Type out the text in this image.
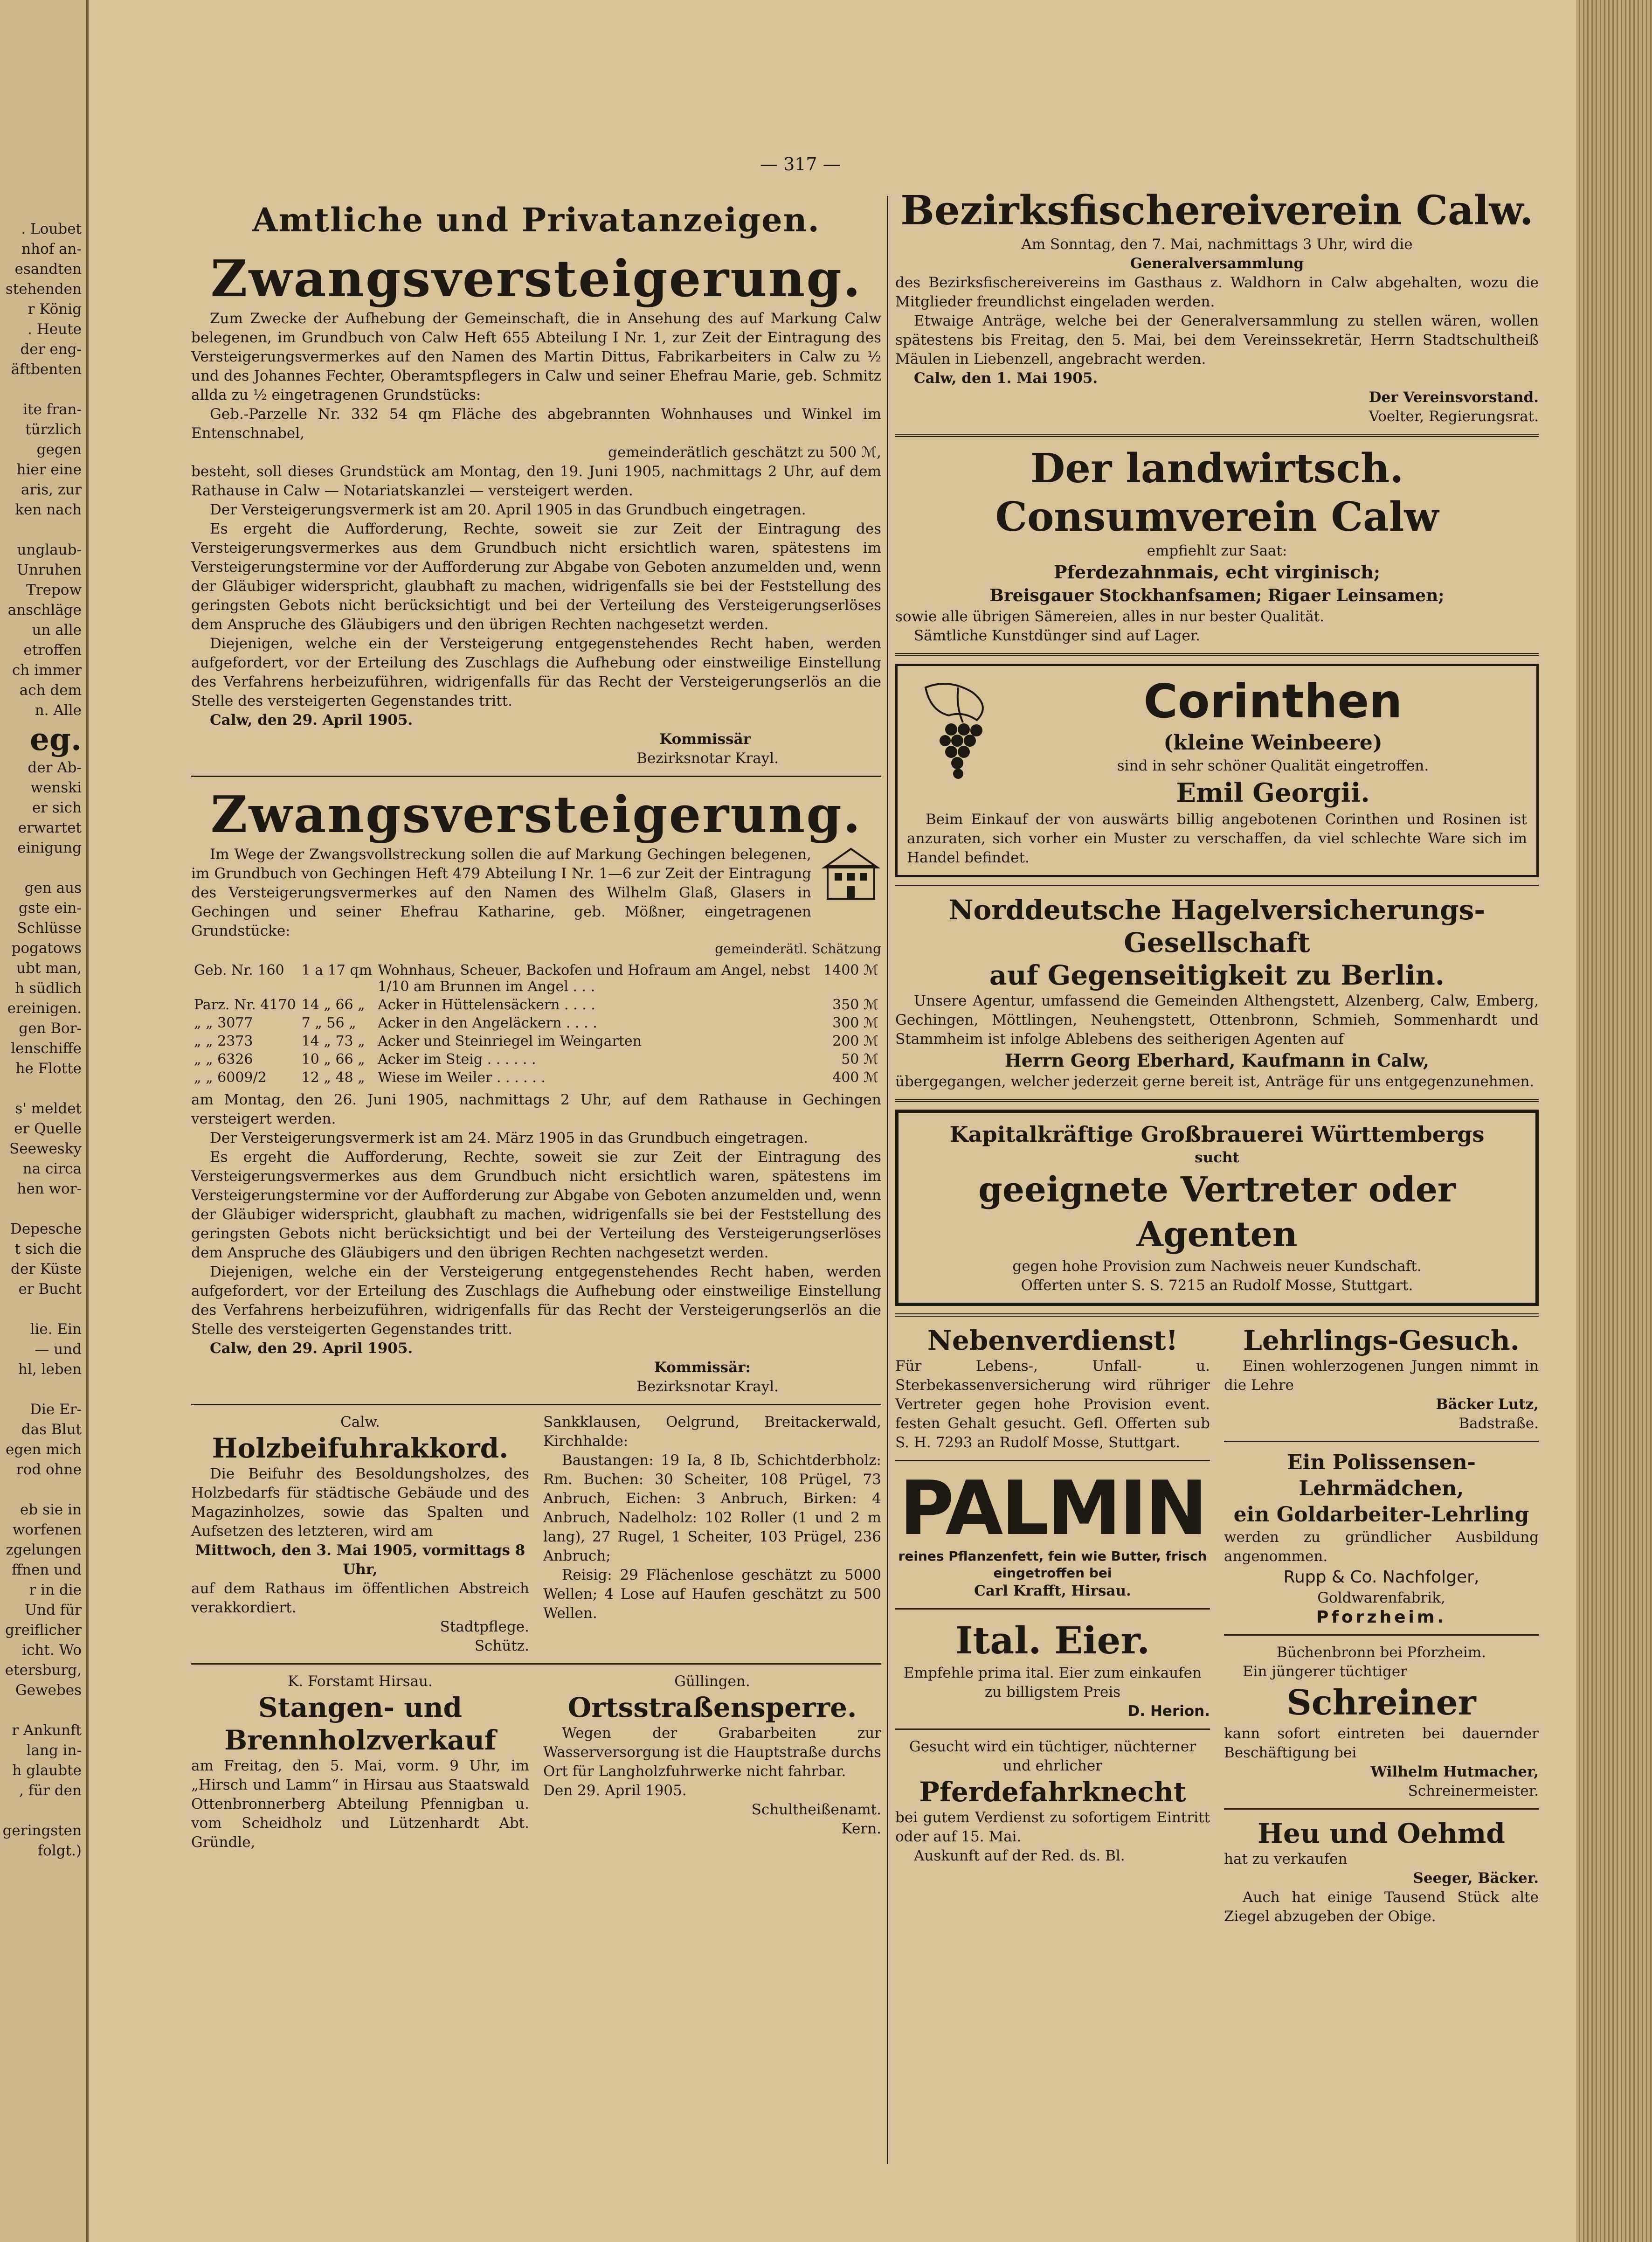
. Loubet
nhof an-
esandten
stehenden
r König
. Heute
der eng-
äftbenten

ite fran-
türzlich
gegen
hier eine
aris, zur
ken nach

unglaub-
Unruhen
Trepow
anschläge
un alle
etroffen
ch immer
ach dem
n. Alle
eg.
der Ab-
wenski
er sich
erwartet
einigung

gen aus
gste ein-
Schlüsse
pogatows
ubt man,
h südlich
ereinigen.
gen Bor-
lenschiffe
he Flotte

s' meldet
er Quelle
Seewesky
na circa
hen wor-

Depesche
t sich die
der Küste
er Bucht

lie. Ein
— und
hl, leben

Die Er-
das Blut
egen mich
rod ohne

eb sie in
worfenen
zgelungen
ffnen und
r in die
Und für
greiflicher
icht. Wo
etersburg,
Gewebes

r Ankunft
lang in-
h glaubte
, für den

geringsten
folgt.)
— 317 —
Amtliche und Privatanzeigen.
Zwangsversteigerung.

Zum Zwecke der Aufhebung der Gemeinschaft, die in Ansehung des auf Markung Calw belegenen, im Grundbuch von Calw Heft 655 Abteilung I Nr. 1, zur Zeit der Eintragung des Versteigerungsvermerkes auf den Namen des Martin Dittus, Fabrikarbeiters in Calw zu ½ und des Johannes Fechter, Oberamtspflegers in Calw und seiner Ehefrau Marie, geb. Schmitz allda zu ½ eingetragenen Grundstücks:

Geb.-Parzelle Nr. 332 54 qm Fläche des abgebrannten Wohnhauses und Winkel im Entenschnabel,

gemeinderätlich geschätzt zu 500 ℳ,

besteht, soll dieses Grundstück am Montag, den 19. Juni 1905, nachmittags 2 Uhr, auf dem Rathause in Calw — Notariatskanzlei — versteigert werden.

Der Versteigerungsvermerk ist am 20. April 1905 in das Grundbuch eingetragen.

Es ergeht die Aufforderung, Rechte, soweit sie zur Zeit der Eintragung des Versteigerungsvermerkes aus dem Grundbuch nicht ersichtlich waren, spätestens im Versteigerungstermine vor der Aufforderung zur Abgabe von Geboten anzumelden und, wenn der Gläubiger widerspricht, glaubhaft zu machen, widrigenfalls sie bei der Feststellung des geringsten Gebots nicht berücksichtigt und bei der Verteilung des Versteigerungserlöses dem Anspruche des Gläubigers und den übrigen Rechten nachgesetzt werden.

Diejenigen, welche ein der Versteigerung entgegenstehendes Recht haben, werden aufgefordert, vor der Erteilung des Zuschlags die Aufhebung oder einstweilige Einstellung des Verfahrens herbeizuführen, widrigenfalls für das Recht der Versteigerungserlös an die Stelle des versteigerten Gegenstandes tritt.

Calw, den 29. April 1905.

Kommissär

Bezirksnotar Krayl.

Zwangsversteigerung.

Im Wege der Zwangsvollstreckung sollen die auf Markung Gechingen belegenen, im Grundbuch von Gechingen Heft 479 Abteilung I Nr. 1—6 zur Zeit der Eintragung des Versteigerungsvermerkes auf den Namen des Wilhelm Glaß, Glasers in Gechingen und seiner Ehefrau Katharine, geb. Mößner, eingetragenen Grundstücke:

gemeinderätl. Schätzung

Geb. Nr. 160	1 a 17 qm	Wohnhaus, Scheuer, Backofen und Hofraum am Angel, nebst 1/10 am Brunnen im Angel . . .	1400 ℳ
Parz. Nr. 4170	14 „ 66 „	Acker in Hüttelensäckern . . . .	350 ℳ
„ „ 3077	7 „ 56 „	Acker in den Angeläckern . . . .	300 ℳ
„ „ 2373	14 „ 73 „	Acker und Steinriegel im Weingarten	200 ℳ
„ „ 6326	10 „ 66 „	Acker im Steig . . . . . .	50 ℳ
„ „ 6009/2	12 „ 48 „	Wiese im Weiler . . . . . .	400 ℳ

am Montag, den 26. Juni 1905, nachmittags 2 Uhr, auf dem Rathause in Gechingen versteigert werden.

Der Versteigerungsvermerk ist am 24. März 1905 in das Grundbuch eingetragen.

Es ergeht die Aufforderung, Rechte, soweit sie zur Zeit der Eintragung des Versteigerungsvermerkes aus dem Grundbuch nicht ersichtlich waren, spätestens im Versteigerungstermine vor der Aufforderung zur Abgabe von Geboten anzumelden und, wenn der Gläubiger widerspricht, glaubhaft zu machen, widrigenfalls sie bei der Feststellung des geringsten Gebots nicht berücksichtigt und bei der Verteilung des Versteigerungserlöses dem Anspruche des Gläubigers und den übrigen Rechten nachgesetzt werden.

Diejenigen, welche ein der Versteigerung entgegenstehendes Recht haben, werden aufgefordert, vor der Erteilung des Zuschlags die Aufhebung oder einstweilige Einstellung des Verfahrens herbeizuführen, widrigenfalls für das Recht der Versteigerungserlös an die Stelle des versteigerten Gegenstandes tritt.

Calw, den 29. April 1905.

Kommissär:

Bezirksnotar Krayl.

Calw.

Holzbeifuhrakkord.

Die Beifuhr des Besoldungsholzes, des Holzbedarfs für städtische Gebäude und des Magazinholzes, sowie das Spalten und Aufsetzen des letzteren, wird am

Mittwoch, den 3. Mai 1905, vormittags 8 Uhr,

auf dem Rathaus im öffentlichen Abstreich verakkordiert.

Stadtpflege.

Schütz.

Sankklausen, Oelgrund, Breitackerwald, Kirchhalde:

Baustangen: 19 Ia, 8 Ib, Schichtderbholz: Rm. Buchen: 30 Scheiter, 108 Prügel, 73 Anbruch, Eichen: 3 Anbruch, Birken: 4 Anbruch, Nadelholz: 102 Roller (1 und 2 m lang), 27 Rugel, 1 Scheiter, 103 Prügel, 236 Anbruch;

Reisig: 29 Flächenlose geschätzt zu 5000 Wellen; 4 Lose auf Haufen geschätzt zu 500 Wellen.

K. Forstamt Hirsau.

Stangen- und Brennholzverkauf

am Freitag, den 5. Mai, vorm. 9 Uhr, im „Hirsch und Lamm“ in Hirsau aus Staatswald Ottenbronnerberg Abteilung Pfennigban u. vom Scheidholz und Lützenhardt Abt. Gründle,

Güllingen.

Ortsstraßensperre.

Wegen der Grabarbeiten zur Wasserversorgung ist die Hauptstraße durchs Ort für Langholzfuhrwerke nicht fahrbar.

Den 29. April 1905.

Schultheißenamt.

Kern.

Bezirksfischereiverein Calw.

Am Sonntag, den 7. Mai, nachmittags 3 Uhr, wird die

Generalversammlung

des Bezirksfischereivereins im Gasthaus z. Waldhorn in Calw abgehalten, wozu die Mitglieder freundlichst eingeladen werden.

Etwaige Anträge, welche bei der Generalversammlung zu stellen wären, wollen spätestens bis Freitag, den 5. Mai, bei dem Vereinssekretär, Herrn Stadtschultheiß Mäulen in Liebenzell, angebracht werden.

Calw, den 1. Mai 1905.

Der Vereinsvorstand.

Voelter, Regierungsrat.

Der landwirtsch. Consumverein Calw

empfiehlt zur Saat:

Pferdezahnmais, echt virginisch;

Breisgauer Stockhanfsamen; Rigaer Leinsamen;

sowie alle übrigen Sämereien, alles in nur bester Qualität.

Sämtliche Kunstdünger sind auf Lager.

Corinthen

(kleine Weinbeere)

sind in sehr schöner Qualität eingetroffen.

Emil Georgii.

Beim Einkauf der von auswärts billig angebotenen Corinthen und Rosinen ist anzuraten, sich vorher ein Muster zu verschaffen, da viel schlechte Ware sich im Handel befindet.

Norddeutsche Hagelversicherungs-Gesellschaft
auf Gegenseitigkeit zu Berlin.

Unsere Agentur, umfassend die Gemeinden Althengstett, Alzenberg, Calw, Emberg, Gechingen, Möttlingen, Neuhengstett, Ottenbronn, Schmieh, Sommenhardt und Stammheim ist infolge Ablebens des seitherigen Agenten auf

Herrn Georg Eberhard, Kaufmann in Calw,

übergegangen, welcher jederzeit gerne bereit ist, Anträge für uns entgegenzunehmen.

Kapitalkräftige Großbrauerei Württembergs

sucht

geeignete Vertreter oder Agenten

gegen hohe Provision zum Nachweis neuer Kundschaft.

Offerten unter S. S. 7215 an Rudolf Mosse, Stuttgart.

Nebenverdienst!

Für Lebens-, Unfall- u. Sterbekassenversicherung wird rühriger Vertreter gegen hohe Provision event. festen Gehalt gesucht. Gefl. Offerten sub S. H. 7293 an Rudolf Mosse, Stuttgart.

PALMIN

reines Pflanzenfett, fein wie Butter, frisch eingetroffen bei

Carl Krafft, Hirsau.

Ital. Eier.

Empfehle prima ital. Eier zum einkaufen zu billigstem Preis

D. Herion.

Gesucht wird ein tüchtiger, nüchterner und ehrlicher

Pferdefahrknecht

bei gutem Verdienst zu sofortigem Eintritt oder auf 15. Mai.

Auskunft auf der Red. ds. Bl.

Lehrlings-Gesuch.

Einen wohlerzogenen Jungen nimmt in die Lehre

Bäcker Lutz,

Badstraße.

Ein Polissensen-Lehrmädchen,
ein Goldarbeiter-Lehrling

werden zu gründlicher Ausbildung angenommen.

Rupp & Co. Nachfolger,

Goldwarenfabrik,

Pforzheim.

Büchenbronn bei Pforzheim.

Ein jüngerer tüchtiger

Schreiner

kann sofort eintreten bei dauernder Beschäftigung bei

Wilhelm Hutmacher,

Schreinermeister.

Heu und Oehmd

hat zu verkaufen

Seeger, Bäcker.

Auch hat einige Tausend Stück alte Ziegel abzugeben der Obige.
